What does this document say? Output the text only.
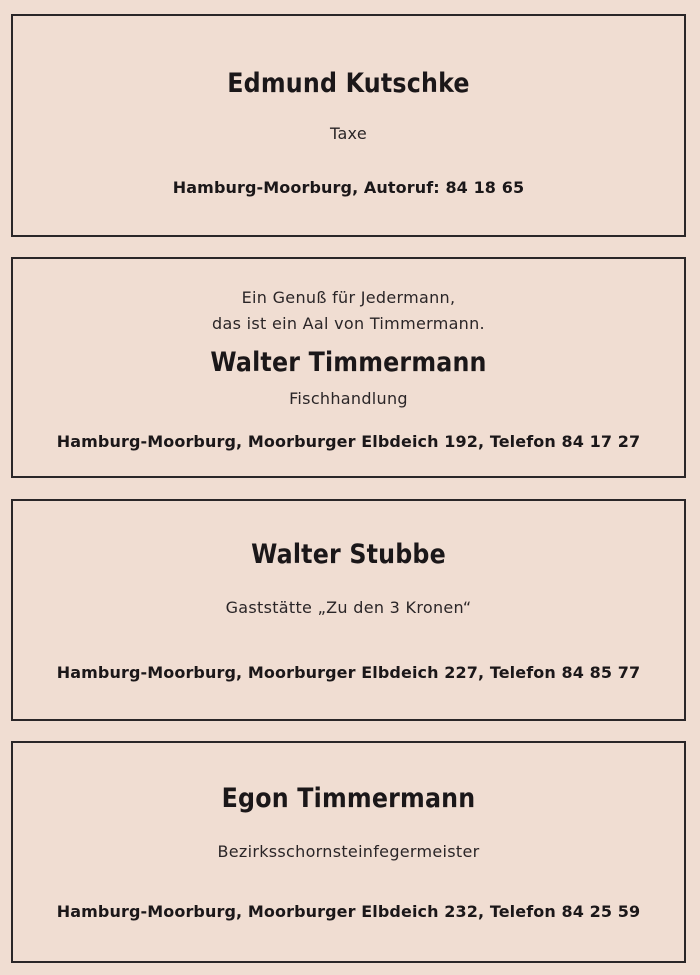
Edmund Kutschke
Taxe
Hamburg-Moorburg, Autoruf: 84 18 65
Ein Genuß für Jedermann,
das ist ein Aal von Timmermann.
Walter Timmermann
Fischhandlung
Hamburg-Moorburg, Moorburger Elbdeich 192, Telefon 84 17 27
Walter Stubbe
Gaststätte „Zu den 3 Kronen“
Hamburg-Moorburg, Moorburger Elbdeich 227, Telefon 84 85 77
Egon Timmermann
Bezirksschornsteinfegermeister
Hamburg-Moorburg, Moorburger Elbdeich 232, Telefon 84 25 59
